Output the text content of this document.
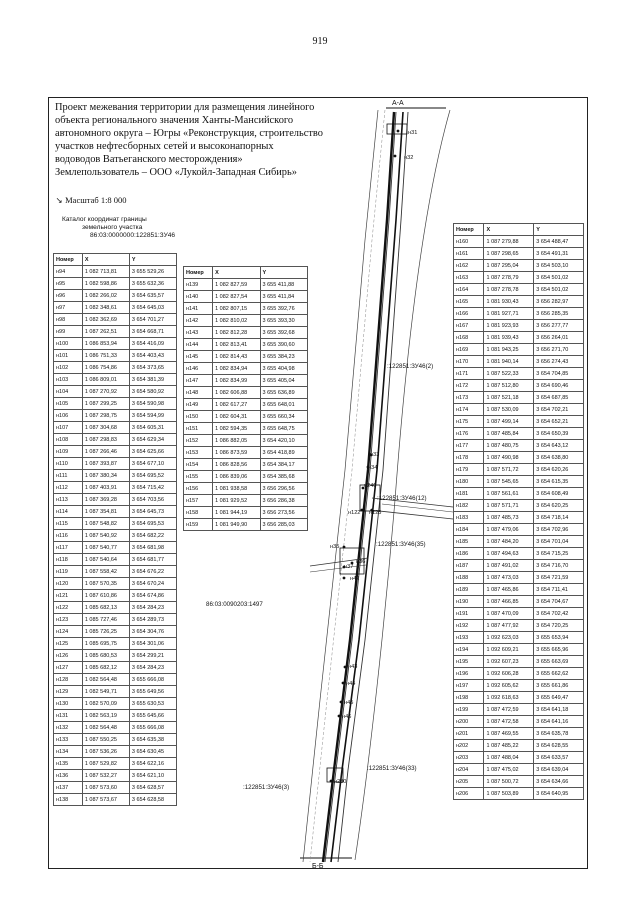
919
А-А
Б-Б
:122851:ЗУ46(2)
:122851:ЗУ46(12)
:122851:ЗУ46(35)
86:03:0090203:1497
:122851:ЗУ46(33)
:122851:ЗУ46(3)
н31
н32
н33
н34
н246
н122 н125
н35
н36
н37
н42
н43
н44
н45
н46
н230
Проект межевания территории для размещения линейного
объекта регионального значения Ханты-Мансийского
автономного округа – Югры «Реконструкция, строительство
участков нефтесборных сетей и высоконапорных
водоводов Ватьеганского месторождения»
Землепользователь – ООО «Лукойл-Западная Сибирь»
↘ Масштаб 1:8 000
Каталог координат границы
земельного участка
86:03:0000000:122851:ЗУ46
Номер	X	Y
н94	1 082 713,81	3 655 529,26
н95	1 082 598,86	3 655 632,36
н96	1 082 266,02	3 654 635,57
н97	1 082 348,61	3 654 645,03
н98	1 082 362,69	3 654 701,27
н99	1 087 262,51	3 654 668,71
н100	1 086 853,94	3 654 416,09
н101	1 086 751,33	3 654 403,43
н102	1 086 754,86	3 654 373,65
н103	1 086 809,01	3 654 381,39
н104	1 087 270,92	3 654 580,92
н105	1 087 299,25	3 654 590,98
н106	1 087 298,75	3 654 594,99
н107	1 087 304,68	3 654 605,31
н108	1 087 298,83	3 654 629,34
н109	1 087 266,46	3 654 625,66
н110	1 087 393,87	3 654 677,10
н111	1 087 380,34	3 654 695,52
н112	1 087 403,91	3 654 715,42
н113	1 087 369,28	3 654 703,56
н114	1 087 354,81	3 654 645,73
н115	1 087 548,82	3 654 695,53
н116	1 087 540,92	3 654 682,22
н117	1 087 540,77	3 654 681,98
н118	1 087 540,64	3 654 681,77
н119	1 087 558,42	3 654 676,22
н120	1 087 570,35	3 654 670,24
н121	1 087 610,86	3 654 674,86
н122	1 085 682,13	3 654 284,23
н123	1 085 727,46	3 654 289,73
н124	1 085 726,25	3 654 304,76
н125	1 085 695,75	3 654 301,06
н126	1 085 680,53	3 654 299,21
н127	1 085 682,12	3 654 284,23
н128	1 082 564,48	3 655 666,08
н129	1 082 549,71	3 655 649,56
н130	1 082 570,09	3 655 630,53
н131	1 082 563,19	3 655 645,66
н132	1 082 564,48	3 655 666,08
н133	1 087 550,25	3 654 635,38
н134	1 087 536,26	3 654 630,45
н135	1 087 529,82	3 654 622,16
н136	1 087 532,27	3 654 621,10
н137	1 087 573,60	3 654 628,57
н138	1 087 573,67	3 654 628,58
Номер	X	Y
н139	1 082 827,59	3 655 411,88
н140	1 082 827,54	3 655 411,84
н141	1 082 807,15	3 655 392,76
н142	1 082 810,02	3 655 393,30
н143	1 082 812,28	3 655 392,68
н144	1 082 813,41	3 655 390,60
н145	1 082 814,43	3 655 384,23
н146	1 082 834,94	3 655 404,98
н147	1 082 834,99	3 655 405,04
н148	1 082 606,88	3 655 636,89
н149	1 082 617,27	3 655 648,01
н150	1 082 604,31	3 655 660,34
н151	1 082 594,35	3 655 648,75
н152	1 086 882,05	3 654 420,10
н153	1 086 873,59	3 654 418,89
н154	1 086 828,56	3 654 384,17
н155	1 086 839,06	3 654 385,68
н156	1 081 938,58	3 656 296,56
н157	1 081 929,52	3 656 286,38
н158	1 081 944,19	3 656 273,56
н159	1 081 949,90	3 656 285,03
Номер	X	Y
н160	1 087 279,88	3 654 488,47
н161	1 087 298,65	3 654 491,31
н162	1 087 295,04	3 654 503,10
н163	1 087 278,79	3 654 501,02
н164	1 087 278,78	3 654 501,02
н165	1 081 930,43	3 656 282,97
н166	1 081 927,71	3 656 285,35
н167	1 081 923,93	3 656 277,77
н168	1 081 939,43	3 656 264,01
н169	1 081 943,25	3 656 271,70
н170	1 081 940,14	3 656 274,43
н171	1 087 522,33	3 654 704,85
н172	1 087 512,80	3 654 690,46
н173	1 087 521,18	3 654 687,85
н174	1 087 530,09	3 654 702,21
н175	1 087 499,14	3 654 652,21
н176	1 087 485,84	3 654 650,39
н177	1 087 480,75	3 654 643,12
н178	1 087 490,98	3 654 638,80
н179	1 087 571,72	3 654 620,26
н180	1 087 545,65	3 654 615,35
н181	1 087 561,61	3 654 608,49
н182	1 087 571,71	3 654 620,25
н183	1 087 485,73	3 654 718,14
н184	1 087 479,06	3 654 702,96
н185	1 087 484,20	3 654 701,04
н186	1 087 494,63	3 654 715,25
н187	1 087 491,02	3 654 716,70
н188	1 087 473,03	3 654 721,59
н189	1 087 465,86	3 654 711,41
н190	1 087 466,85	3 654 704,67
н191	1 087 470,09	3 654 702,42
н192	1 087 477,92	3 654 720,25
н193	1 092 623,03	3 655 653,94
н194	1 092 609,21	3 655 665,96
н195	1 092 607,23	3 655 663,69
н196	1 092 606,28	3 655 662,62
н197	1 092 605,62	3 655 661,86
н198	1 092 618,63	3 655 649,47
н199	1 087 472,59	3 654 641,18
н200	1 087 472,58	3 654 641,16
н201	1 087 469,55	3 654 635,78
н202	1 087 485,22	3 654 628,55
н203	1 087 488,04	3 654 633,57
н204	1 087 475,02	3 654 639,04
н205	1 087 500,72	3 654 634,66
н206	1 087 503,89	3 654 640,95
